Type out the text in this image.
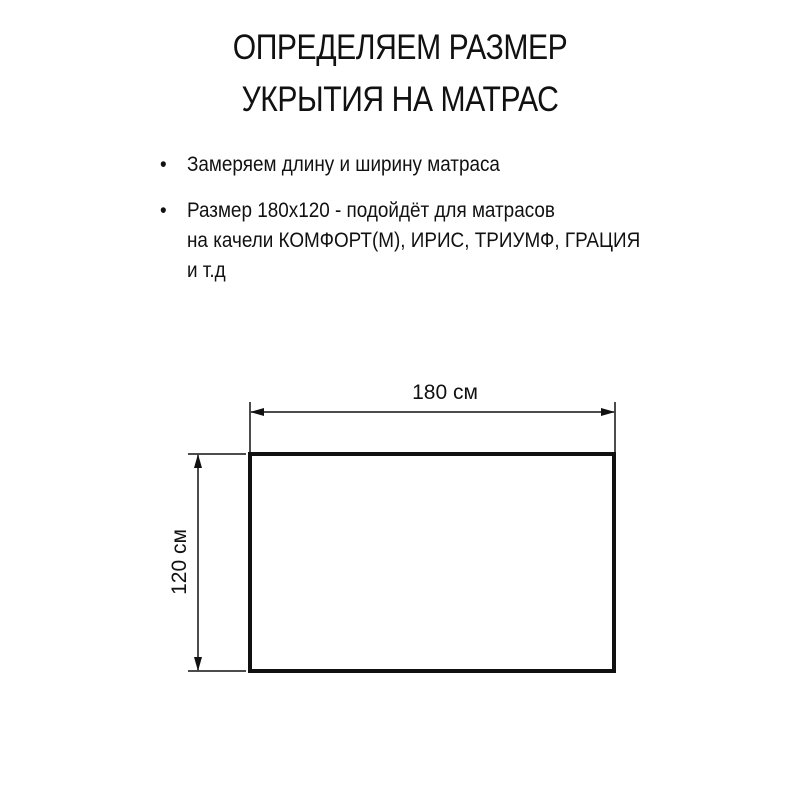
ОПРЕДЕЛЯЕМ РАЗМЕР
УКРЫТИЯ НА МАТРАС
• Замеряем длину и ширину матраса
• Размер 180х120 - подойдёт для матрасов
на качели КОМФОРТ(М), ИРИС, ТРИУМФ, ГРАЦИЯ
и т.д
180 см
120 см
